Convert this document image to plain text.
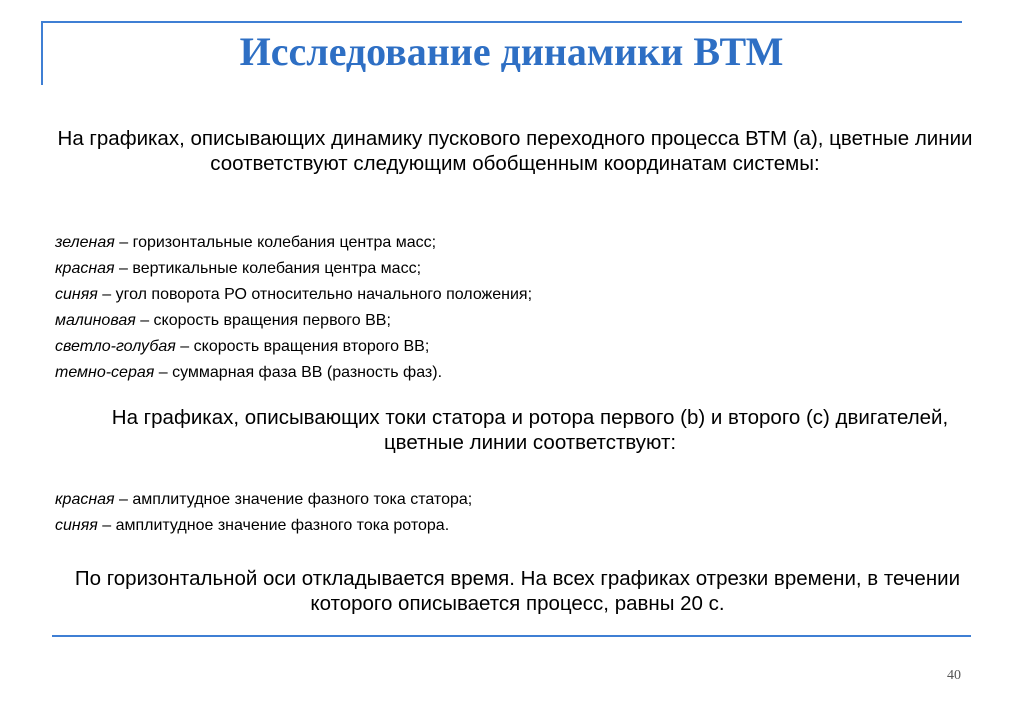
Исследование динамики ВТМ

На графиках, описывающих динамику пускового переходного процесса ВТМ (а), цветные линии соответствуют следующим обобщенным координатам системы:

зеленая – горизонтальные колебания центра масс;
красная – вертикальные колебания центра масс;
синяя – угол поворота РО относительно начального положения;
малиновая – скорость вращения первого ВВ;
светло-голубая – скорость вращения второго ВВ;
темно-серая – суммарная фаза ВВ (разность фаз).

На графиках, описывающих токи статора и ротора первого (b) и второго (с) двигателей, цветные линии соответствуют:

красная – амплитудное значение фазного тока статора;
синяя – амплитудное значение фазного тока ротора.

По горизонтальной оси откладывается время. На всех графиках отрезки времени, в течении которого описывается процесс, равны 20 с.

40
